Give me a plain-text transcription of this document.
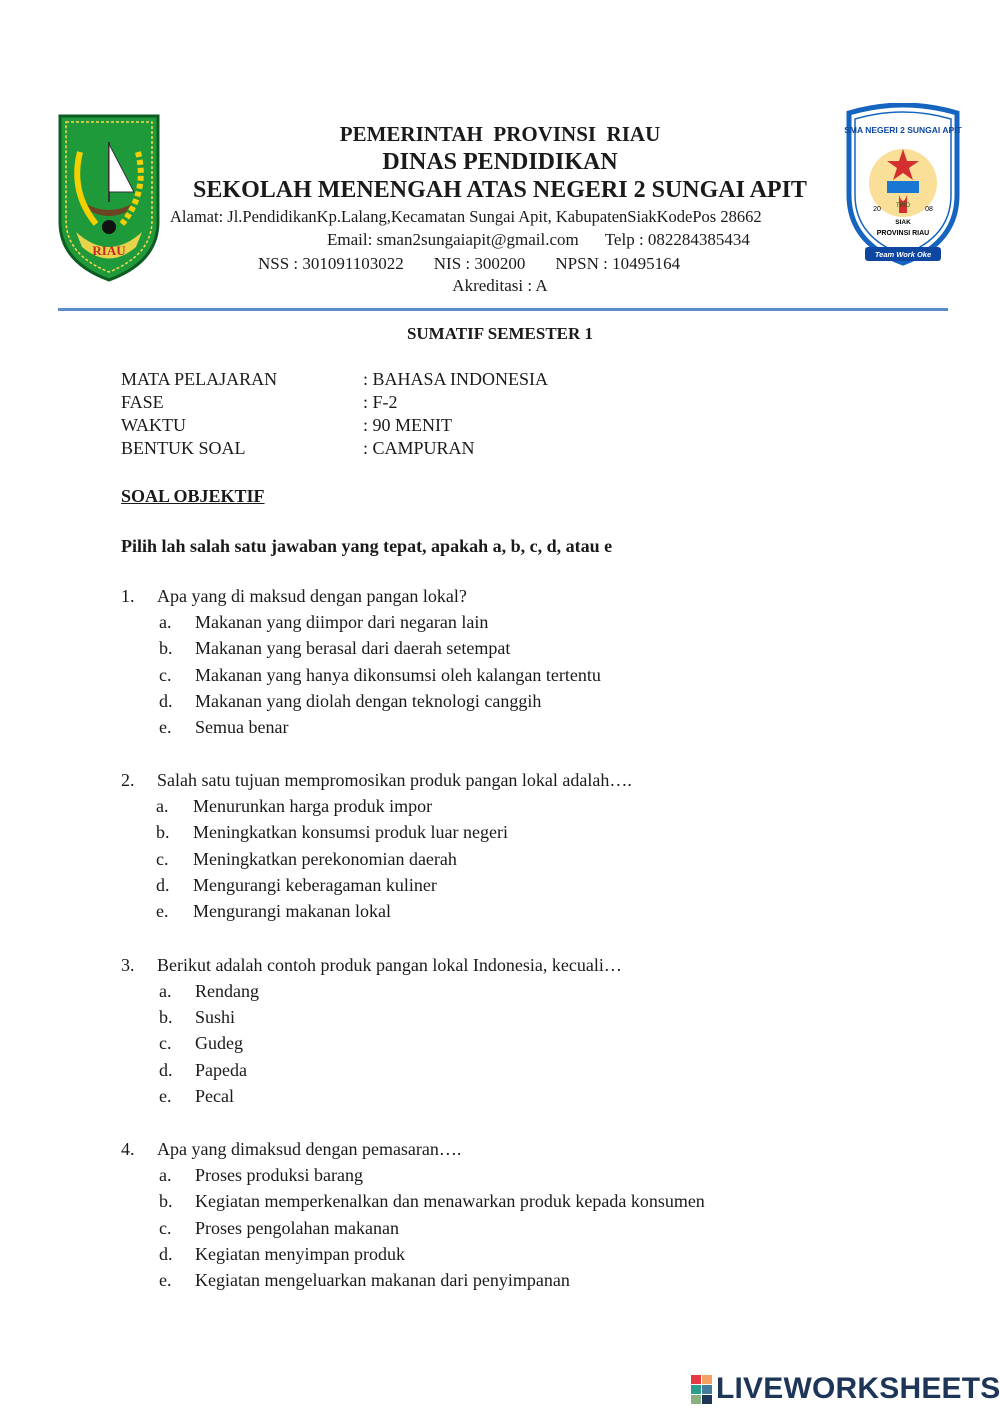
RIAU
SMA NEGERI 2 SUNGAI APIT
TWO
20	08
SIAK
PROVINSI RIAU
Team Work Oke
PEMERINTAH  PROVINSI  RIAU
DINAS PENDIDIKAN
SEKOLAH MENENGAH ATAS NEGERI 2 SUNGAI APIT
Alamat: Jl.PendidikanKp.Lalang,Kecamatan Sungai Apit, KabupatenSiakKodePos 28662
Email: sman2sungaiapit@gmail.com Telp : 082284385434
NSS : 301091103022 NIS : 300200 NPSN : 10495164
Akreditasi : A
SUMATIF SEMESTER 1
MATA PELAJARAN	: BAHASA INDONESIA
FASE	: F-2
WAKTU	: 90 MENIT
BENTUK SOAL	: CAMPURAN
SOAL OBJEKTIF
Pilih lah salah satu jawaban yang tepat, apakah a, b, c, d, atau e
1. Apa yang di maksud dengan pangan lokal?
a. Makanan yang diimpor dari negaran lain
b. Makanan yang berasal dari daerah setempat
c. Makanan yang hanya dikonsumsi oleh kalangan tertentu
d. Makanan yang diolah dengan teknologi canggih
e. Semua benar
2. Salah satu tujuan mempromosikan produk pangan lokal adalah….
a. Menurunkan harga produk impor
b. Meningkatkan konsumsi produk luar negeri
c. Meningkatkan perekonomian daerah
d. Mengurangi keberagaman kuliner
e. Mengurangi makanan lokal
3. Berikut adalah contoh produk pangan lokal Indonesia, kecuali…
a. Rendang
b. Sushi
c. Gudeg
d. Papeda
e. Pecal
4. Apa yang dimaksud dengan pemasaran….
a. Proses produksi barang
b. Kegiatan memperkenalkan dan menawarkan produk kepada konsumen
c. Proses pengolahan makanan
d. Kegiatan menyimpan produk
e. Kegiatan mengeluarkan makanan dari penyimpanan
LIVEWORKSHEETS
